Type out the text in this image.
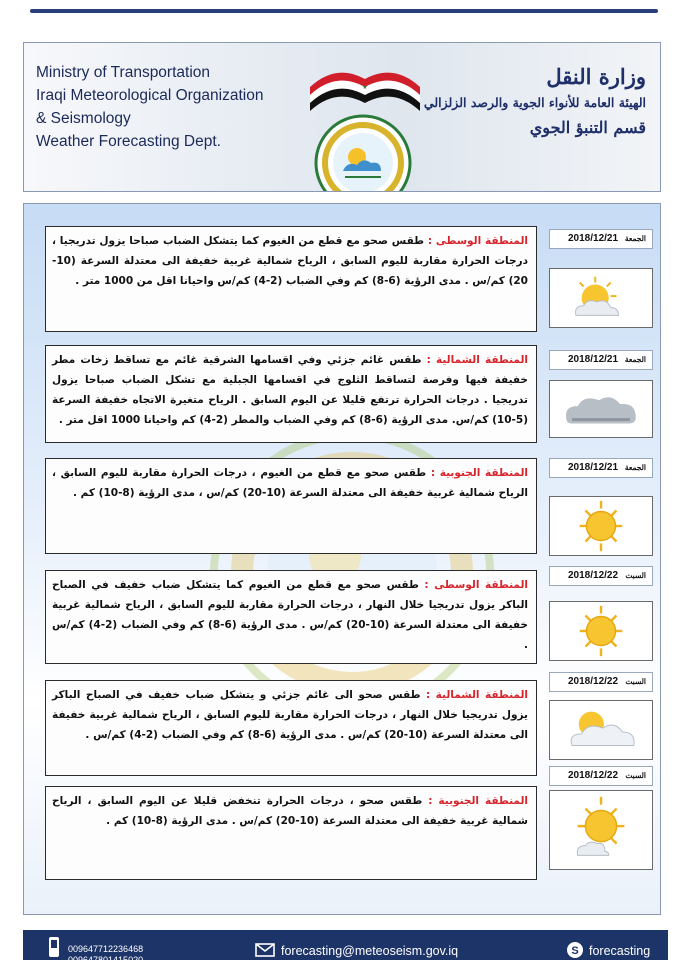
Ministry of Transportation
Iraqi Meteorological Organization
& Seismology
Weather Forecasting Dept.
★	وزارة النقل
الهيئة العامة للأنواء الجوية والرصد الزلزالي
قسم التنبؤ الجوي
المنطقة الوسطى : طقس صحو مع قطع من الغيوم كما يتشكل الضباب صباحا يزول تدريجيا ، درجات الحرارة مقاربة لليوم السابق ، الرياح شمالية غربية خفيفة الى معتدلة السرعة (10-20) كم/س . مدى الرؤية (6-8) كم وفي الضباب (2-4) كم/س واحيانا اقل من 1000 متر .
2018/12/21 الجمعة
المنطقة الشمالية : طقس غائم جزئي وفي اقسامها الشرقية غائم مع تساقط زخات مطر خفيفة فيها وفرصة لتساقط الثلوج في اقسامها الجبلية مع تشكل الضباب صباحا يزول تدريجيا . درجات الحرارة ترتفع قليلا عن اليوم السابق . الرياح متغيرة الاتجاه خفيفة السرعة (5-10) كم/س. مدى الرؤية (6-8) كم وفي الضباب والمطر (2-4) كم واحيانا 1000 اقل متر .
2018/12/21 الجمعة
المنطقة الجنوبية : طقس صحو مع قطع من الغيوم ، درجات الحرارة مقاربة لليوم السابق ، الرياح شمالية غربية خفيفة الى معتدلة السرعة (10-20) كم/س ، مدى الرؤية (8-10) كم .
2018/12/21 الجمعة
المنطقة الوسطى : طقس صحو مع قطع من الغيوم كما يتشكل ضباب خفيف في الصباح الباكر يزول تدريجيا خلال النهار ، درجات الحرارة مقاربة لليوم السابق ، الرياح شمالية غربية خفيفة الى معتدلة السرعة (10-20) كم/س . مدى الرؤية (6-8) كم وفي الضباب (2-4) كم/س .
2018/12/22 السبت
المنطقة الشمالية : طقس صحو الى غائم جزئي و يتشكل ضباب خفيف في الصباح الباكر يزول تدريجيا خلال النهار ، درجات الحرارة مقاربة لليوم السابق ، الرياح شمالية غربية خفيفة الى معتدلة السرعة (10-20) كم/س . مدى الرؤية (6-8) كم وفي الضباب (2-4) كم/س .
2018/12/22 السبت
المنطقة الجنوبية : طقس صحو ، درجات الحرارة تنخفض قليلا عن اليوم السابق ، الرياح شمالية غربية خفيفة الى معتدلة السرعة (10-20) كم/س . مدى الرؤية (8-10) كم .
2018/12/22 السبت
009647712236468
009647801415020
forecasting@meteoseism.gov.iq	S forecasting
